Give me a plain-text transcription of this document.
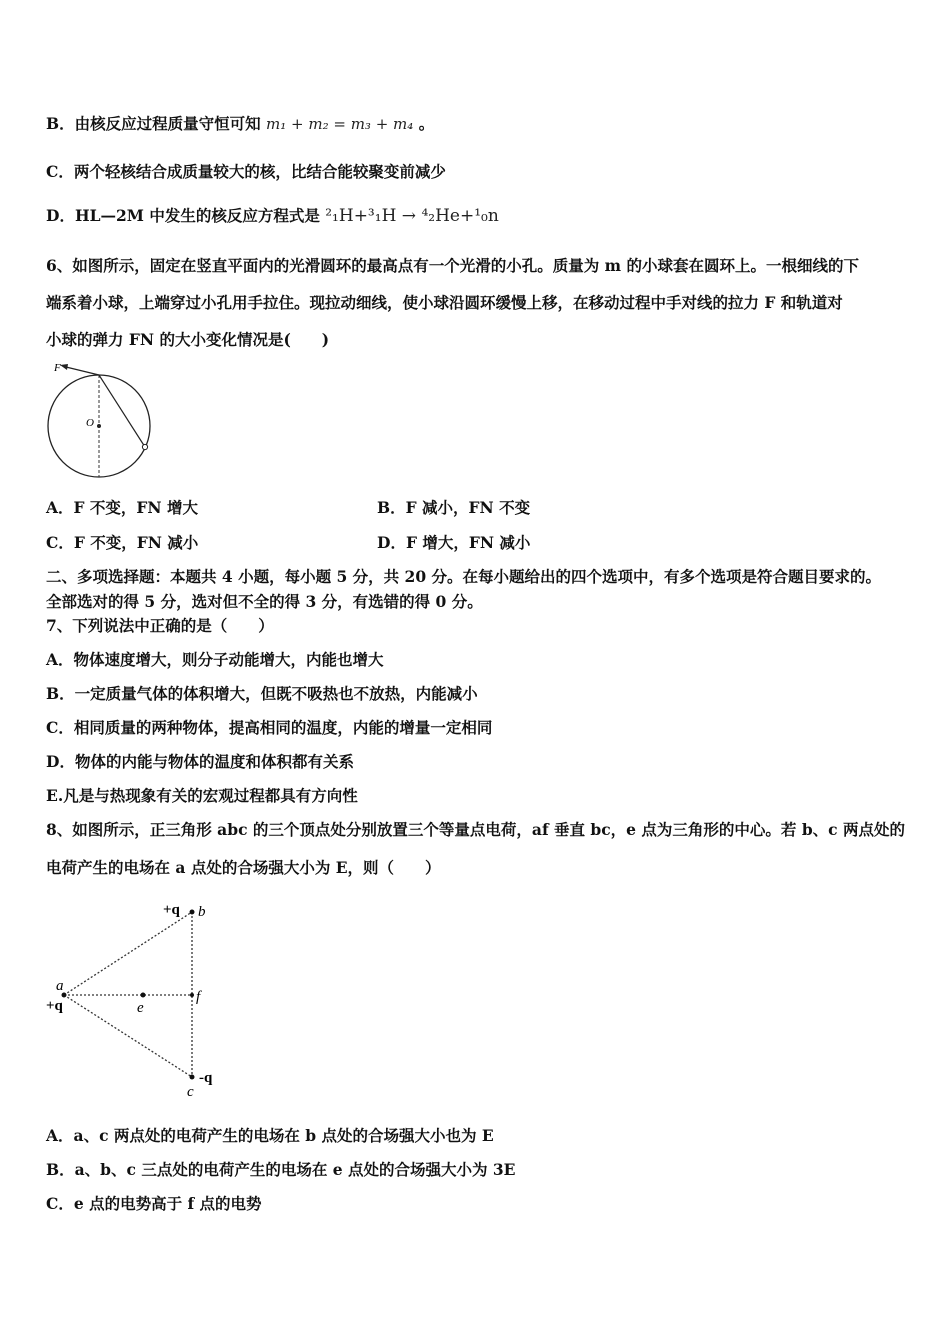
B．由核反应过程质量守恒可知 m₁ + m₂ = m₃ + m₄ 。
C．两个轻核结合成质量较大的核，比结合能较聚变前减少
D．HL—2M 中发生的核反应方程式是 ²₁H+³₁H → ⁴₂He+¹₀n
6、如图所示，固定在竖直平面内的光滑圆环的最高点有一个光滑的小孔。质量为 m 的小球套在圆环上。一根细线的下
端系着小球，上端穿过小孔用手拉住。现拉动细线，使小球沿圆环缓慢上移，在移动过程中手对线的拉力 F 和轨道对
小球的弹力 FN 的大小变化情况是(　　)
F
O
A．F 不变，FN 增大	B．F 减小，FN 不变
C．F 不变，FN 减小	D．F 增大，FN 减小
二、多项选择题：本题共 4 小题，每小题 5 分，共 20 分。在每小题给出的四个选项中，有多个选项是符合题目要求的。
全部选对的得 5 分，选对但不全的得 3 分，有选错的得 0 分。
7、下列说法中正确的是（　　）
A．物体速度增大，则分子动能增大，内能也增大
B．一定质量气体的体积增大，但既不吸热也不放热，内能减小
C．相同质量的两种物体，提高相同的温度，内能的增量一定相同
D．物体的内能与物体的温度和体积都有关系
E.凡是与热现象有关的宏观过程都具有方向性
8、如图所示，正三角形 abc 的三个顶点处分别放置三个等量点电荷，af 垂直 bc，e 点为三角形的中心。若 b、c 两点处的
电荷产生的电场在 a 点处的合场强大小为 E，则（　　）
+q b
a
+q	e
f
-q
c
A．a、c 两点处的电荷产生的电场在 b 点处的合场强大小也为 E
B．a、b、c 三点处的电荷产生的电场在 e 点处的合场强大小为 3E
C．e 点的电势高于 f 点的电势
